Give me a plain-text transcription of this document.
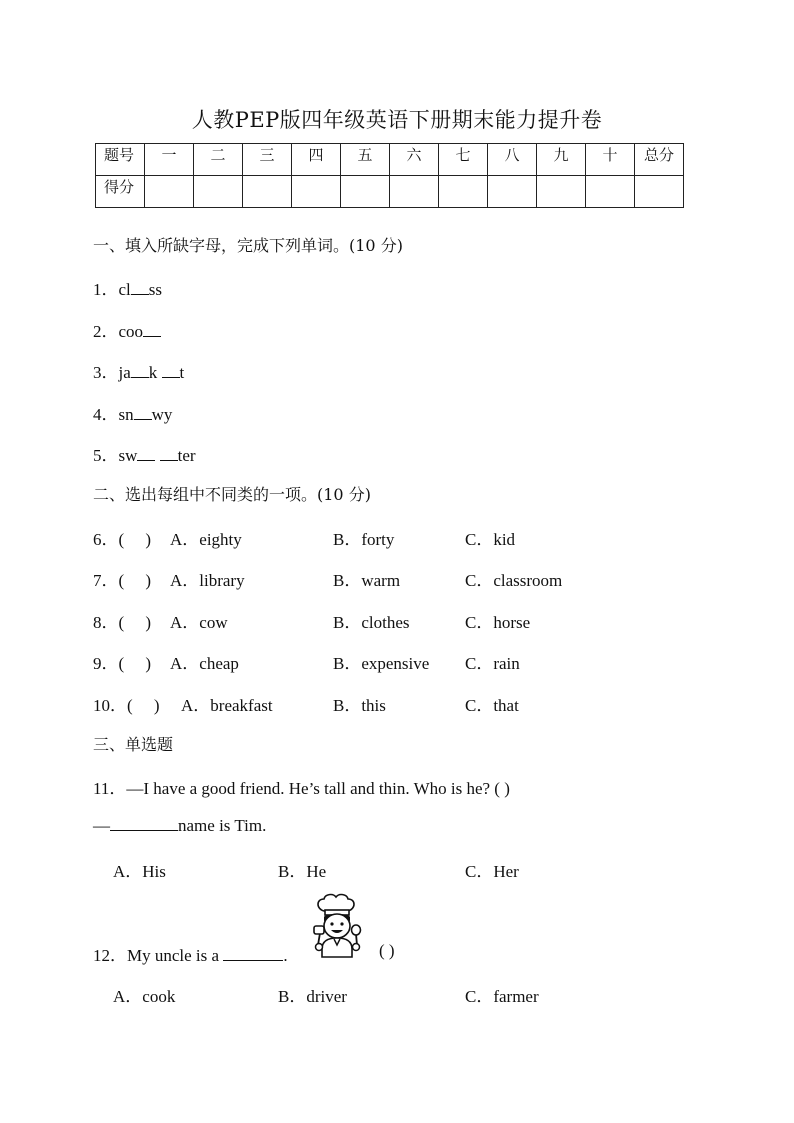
人教PEP版四年级英语下册期末能力提升卷
题号	一	二	三	四	五	六	七	八	九	十	总分
得分											
一、填入所缺字母，完成下列单词。(10 分)
1．cl ss
2．coo
3．ja k t
4．sn wy
5．sw ter
二、选出每组中不同类的一项。(10 分)
6．(　 ) A．eighty	B．forty	C．kid
7．(　 ) A．library	B．warm	C．classroom
8．(　 ) A．cow	B．clothes	C．horse
9．(　 ) A．cheap	B．expensive C．rain
10．(　 ) A．breakfast	B．this	C．that
三、单选题
11．—I have a good friend. He’s tall and thin. Who is he? ( )
—	name is Tim.
A．His	B．He	C．Her
12．My uncle is a	.	( )
A．cook	B．driver	C．farmer
